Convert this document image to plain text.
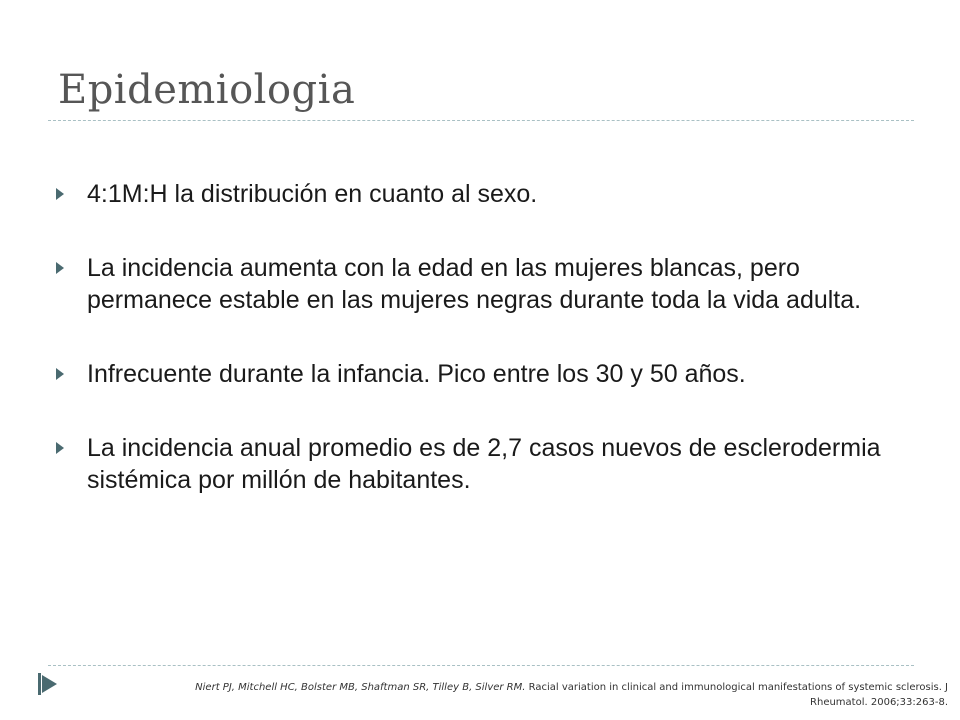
Epidemiologia
4:1M:H la distribución en cuanto al sexo.
La incidencia aumenta con la edad en las mujeres blancas, pero permanece estable en las mujeres negras durante toda la vida adulta.
Infrecuente durante la infancia. Pico entre los 30 y 50 años.
La incidencia anual promedio es de 2,7 casos nuevos de esclerodermia sistémica por millón de habitantes.

Niert PJ, Mitchell HC, Bolster MB, Shaftman SR, Tilley B, Silver RM. Racial variation in clinical and immunological manifestations of systemic sclerosis. J Rheumatol. 2006;33:263-8.
